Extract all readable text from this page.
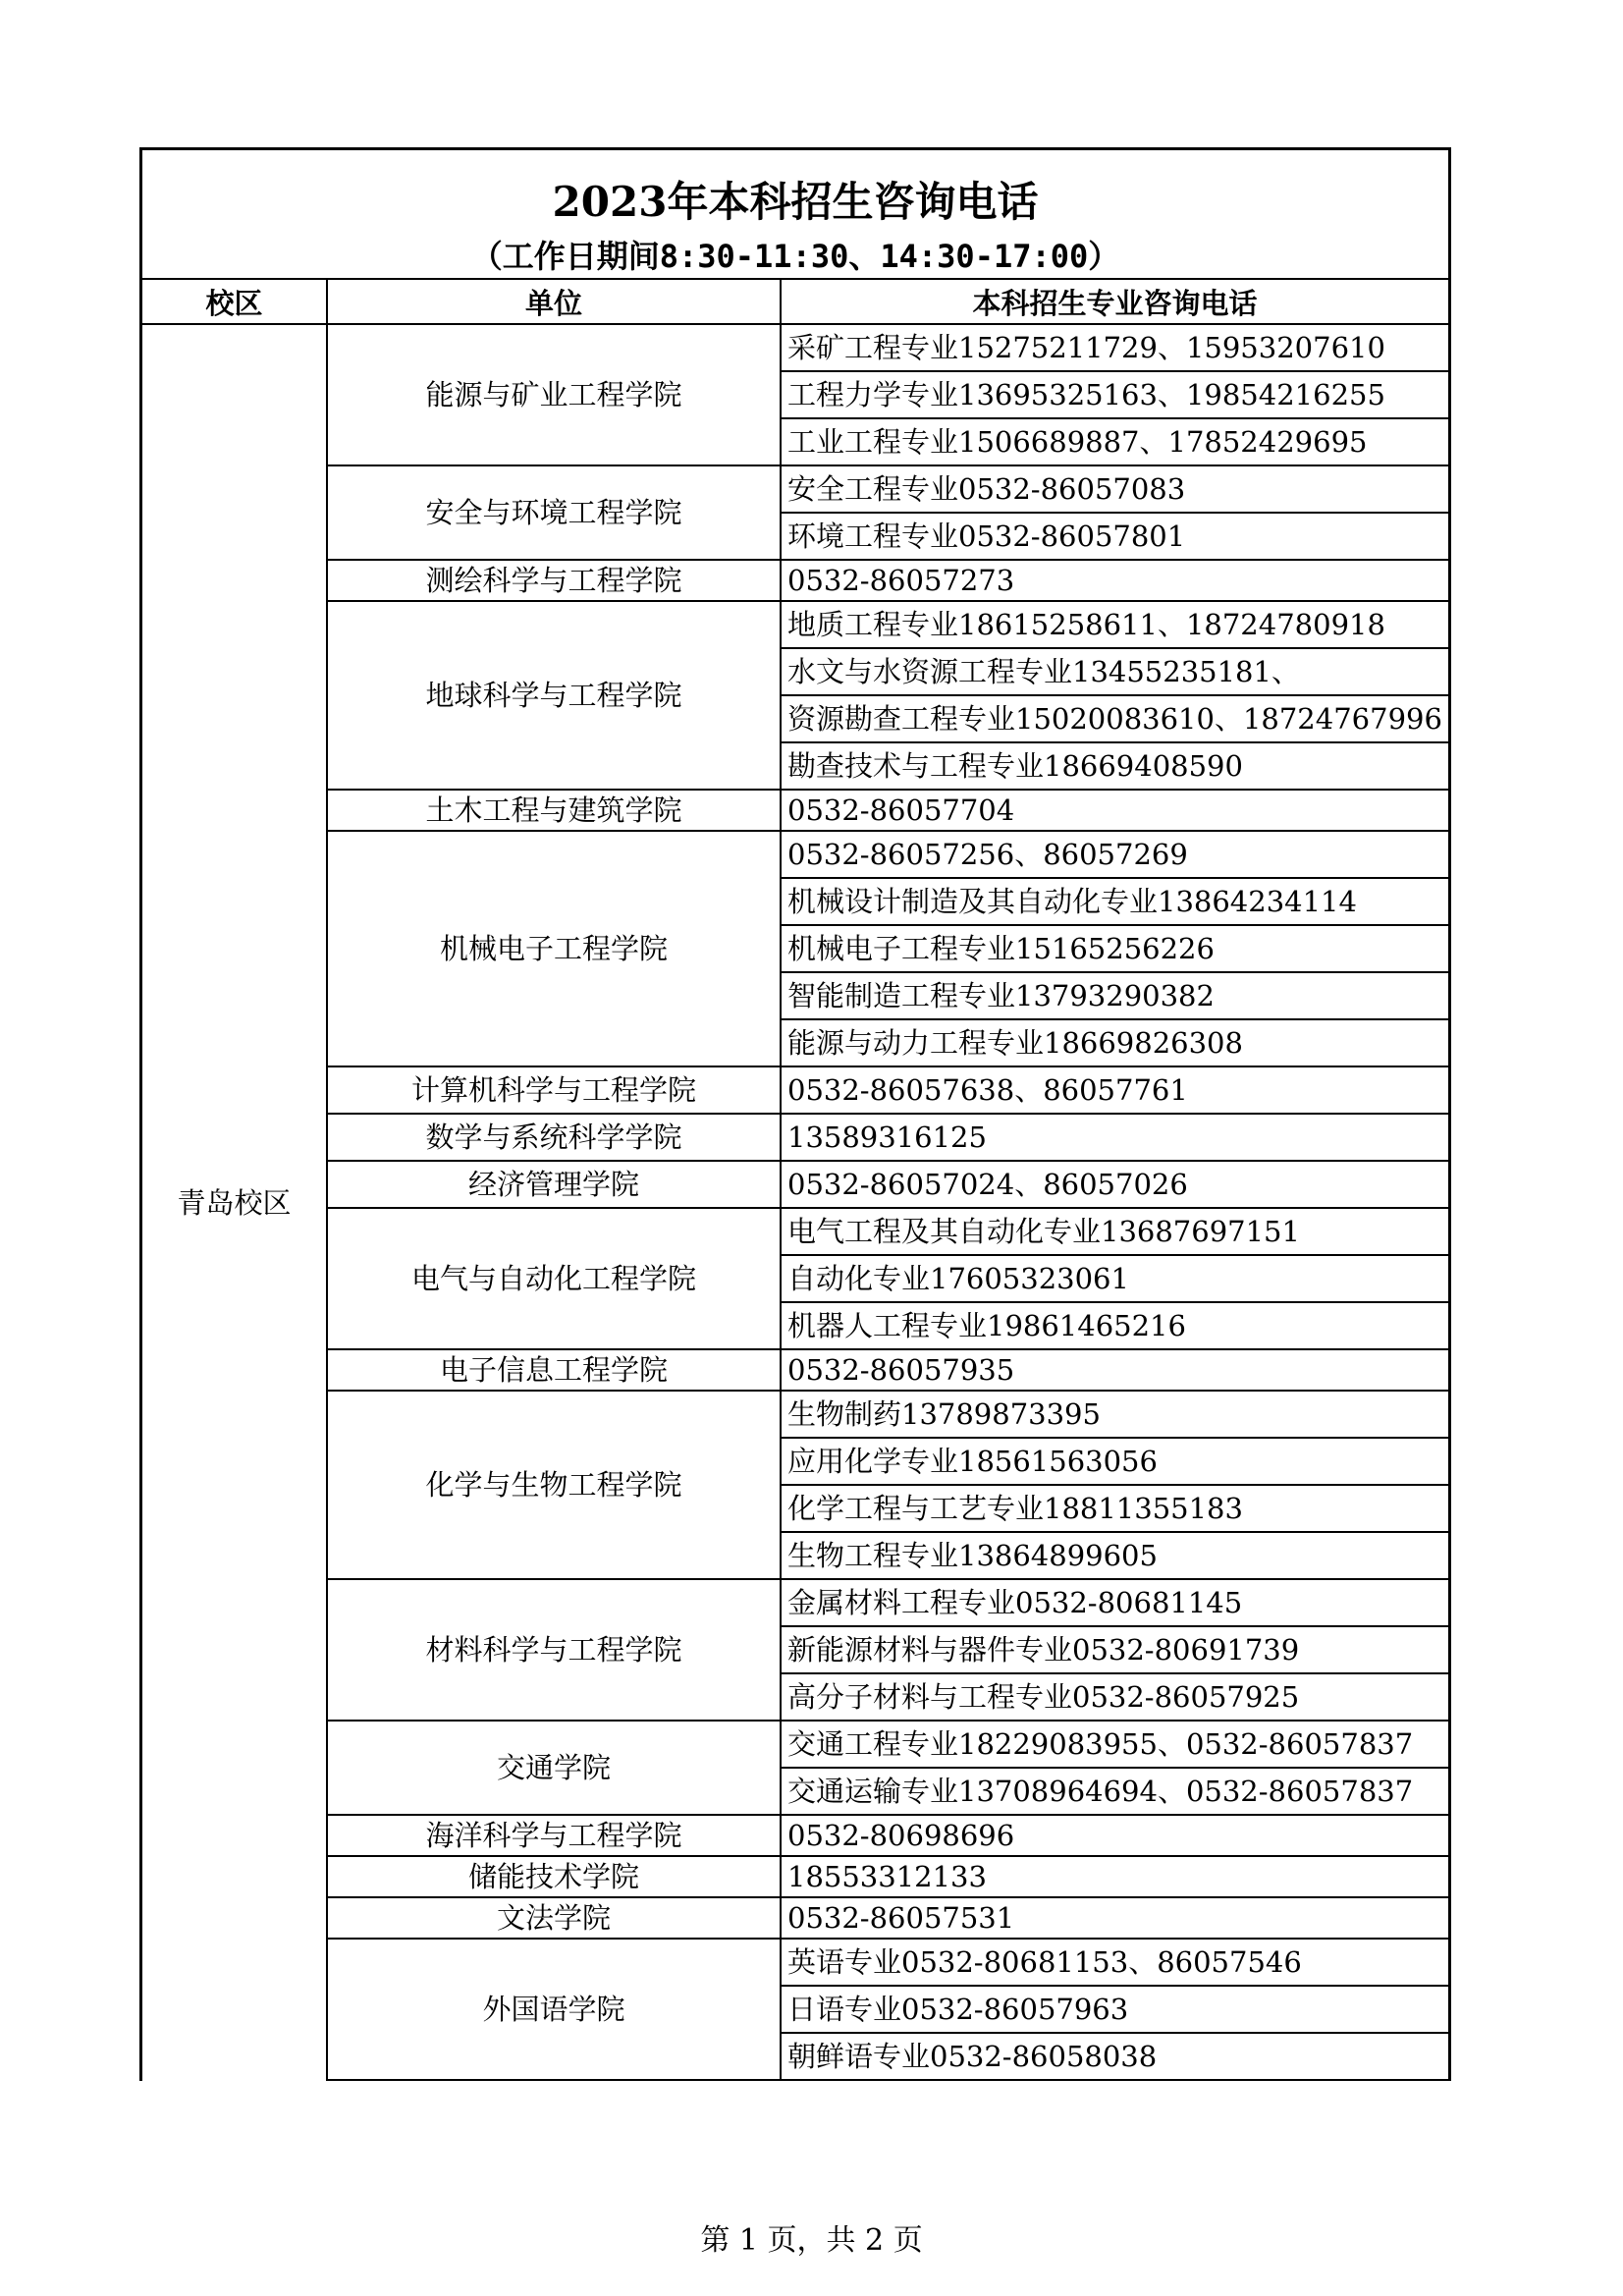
2023年本科招生咨询电话
（工作日期间8:30-11:30、14:30-17:00）
校区	单位	本科招生专业咨询电话
青岛校区	能源与矿业工程学院	采矿工程专业15275211729、15953207610
		工程力学专业13695325163、19854216255
		工业工程专业1506689887、17852429695
	安全与环境工程学院	安全工程专业0532-86057083
		环境工程专业0532-86057801
	测绘科学与工程学院	0532-86057273
	地球科学与工程学院	地质工程专业18615258611、18724780918
		水文与水资源工程专业13455235181、
		资源勘查工程专业15020083610、18724767996
		勘查技术与工程专业18669408590
	土木工程与建筑学院	0532-86057704
	机械电子工程学院	0532-86057256、86057269
		机械设计制造及其自动化专业13864234114
		机械电子工程专业15165256226
		智能制造工程专业13793290382
		能源与动力工程专业18669826308
	计算机科学与工程学院	0532-86057638、86057761
	数学与系统科学学院	13589316125
	经济管理学院	0532-86057024、86057026
	电气与自动化工程学院	电气工程及其自动化专业13687697151
		自动化专业17605323061
		机器人工程专业19861465216
	电子信息工程学院	0532-86057935
	化学与生物工程学院	生物制药13789873395
		应用化学专业18561563056
		化学工程与工艺专业18811355183
		生物工程专业13864899605
	材料科学与工程学院	金属材料工程专业0532-80681145
		新能源材料与器件专业0532-80691739
		高分子材料与工程专业0532-86057925
	交通学院	交通工程专业18229083955、0532-86057837
		交通运输专业13708964694、0532-86057837
	海洋科学与工程学院	0532-80698696
	储能技术学院	18553312133
	文法学院	0532-86057531
	外国语学院	英语专业0532-80681153、86057546
		日语专业0532-86057963
		朝鲜语专业0532-86058038
第 1 页，共 2 页
